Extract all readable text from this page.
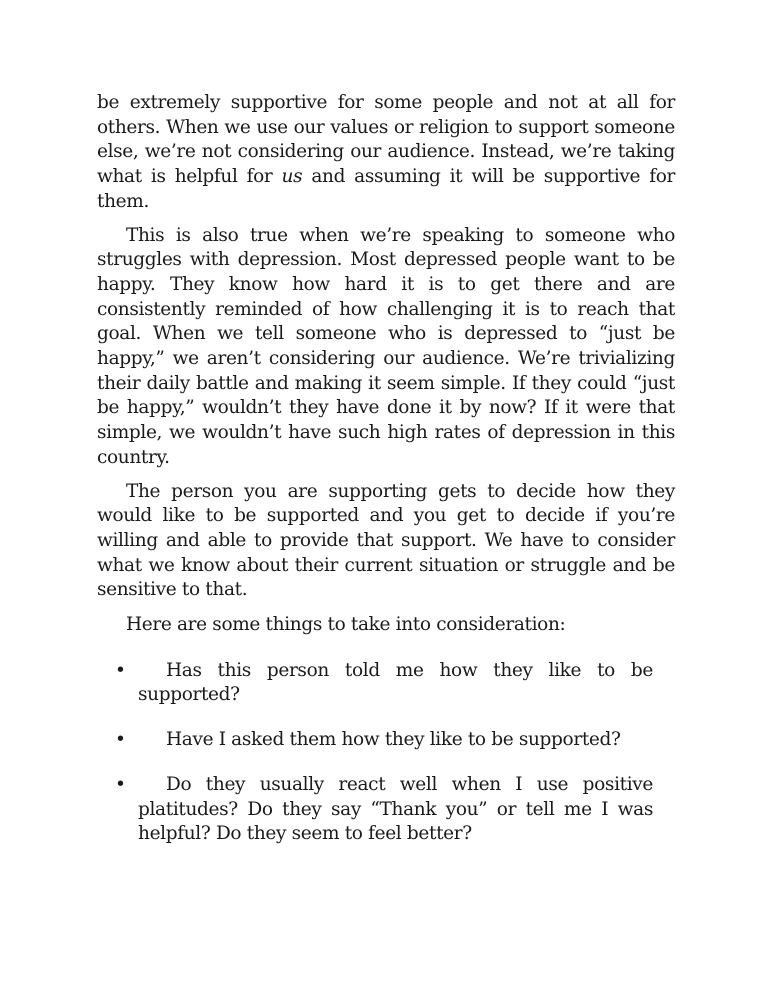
be extremely supportive for some people and not at all for others. When we use our values or religion to support someone else, we’re not considering our audience. Instead, we’re taking what is helpful for us and assuming it will be supportive for them.

This is also true when we’re speaking to someone who struggles with depression. Most depressed people want to be happy. They know how hard it is to get there and are consistently reminded of how challenging it is to reach that goal. When we tell someone who is depressed to “just be happy,” we aren’t considering our audience. We’re trivializing their daily battle and making it seem simple. If they could “just be happy,” wouldn’t they have done it by now? If it were that simple, we wouldn’t have such high rates of depression in this country.

The person you are supporting gets to decide how they would like to be supported and you get to decide if you’re willing and able to provide that support. We have to consider what we know about their current situation or struggle and be sensitive to that.

Here are some things to take into consideration:

•	Has this person told me how they like to be supported?
•	Have I asked them how they like to be supported?
•	Do they usually react well when I use positive platitudes? Do they say “Thank you” or tell me I was helpful? Do they seem to feel better?
